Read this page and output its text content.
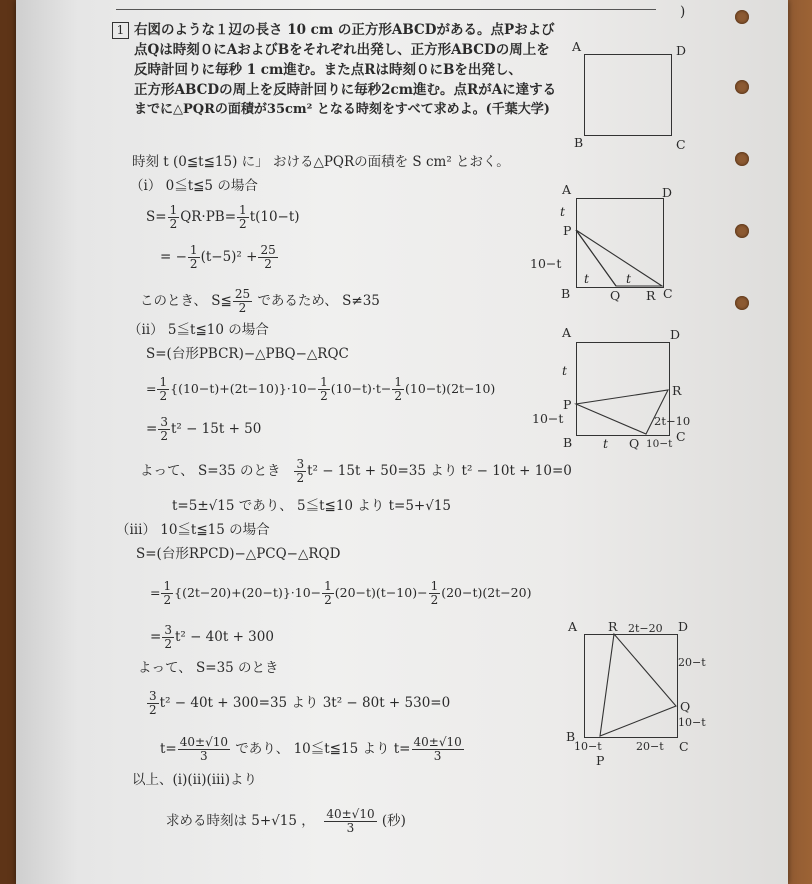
)
1 右図のような１辺の長さ 10 cm の正方形ABCDがある。点Pおよび
点Qは時刻０にAおよびBをそれぞれ出発し、正方形ABCDの周上を
反時計回りに毎秒 1 cm進む。また点Rは時刻０にBを出発し、
正方形ABCDの周上を反時計回りに毎秒2cm進む。点RがAに達する
までに△PQRの面積が35cm² となる時刻をすべて求めよ。(千葉大学)
A	D
B	C
時刻 t (0≦t≦15) に」 おける△PQRの面積を S cm² とおく。
（ⅰ） 0≦t≦5 の場合
$S= \frac{1}{2} QR\cdot PB= \frac{1}{2} t(10-t)$
= − $\frac{1}{2} (t-5)^2 + \frac{25}{2}$
このとき、 S≦ $\frac{25}{2}$ であるため、 S≠35
A	D
B	C
P
Q R
t
10−t
t	t
（ⅱ） 5≦t≦10 の場合
S=(台形PBCR)−△PBQ−△RQC
= $\frac{1}{2} \{(10-t)+(2t-10)\}\cdot 10- \frac{1}{2} (10-t)\cdot t- \frac{1}{2} (10-t)(2t-10)$
= $\frac{3}{2} t^2 - 15t + 50$
よって、 S=35 のとき $\frac{3}{2} t^2 - 15t + 50=35$ より t² − 10t + 10=0
t=5±√15 であり、 5≦t≦10 より t=5+√15
A	D
B	C
P
Q
R
t
10−t
t	10−t
2t−10
（ⅲ） 10≦t≦15 の場合
S=(台形RPCD)−△PCQ−△RQD
= $\frac{1}{2} \{(2t-20)+(20-t)\}\cdot 10- \frac{1}{2} (20-t)(t-10)- \frac{1}{2} (20-t)(2t-20)$
= $\frac{3}{2} t^2 - 40t + 300$
よって、 S=35 のとき
$\frac{3}{2} t^2 - 40t + 300=35$ より 3t² − 80t + 530=0
$t= \frac{40\pm√10}{3}$ であり、 10≦t≦15 より $t= \frac{40\pm√10}{3}$
A R 2t−20 D
20−t
Q
10−t
B
10−t	20−t C
P
以上、(ⅰ)(ⅱ)(ⅲ)より
求める時刻は 5+√15 ， $\frac{40\pm√10}{3}$ (秒)
